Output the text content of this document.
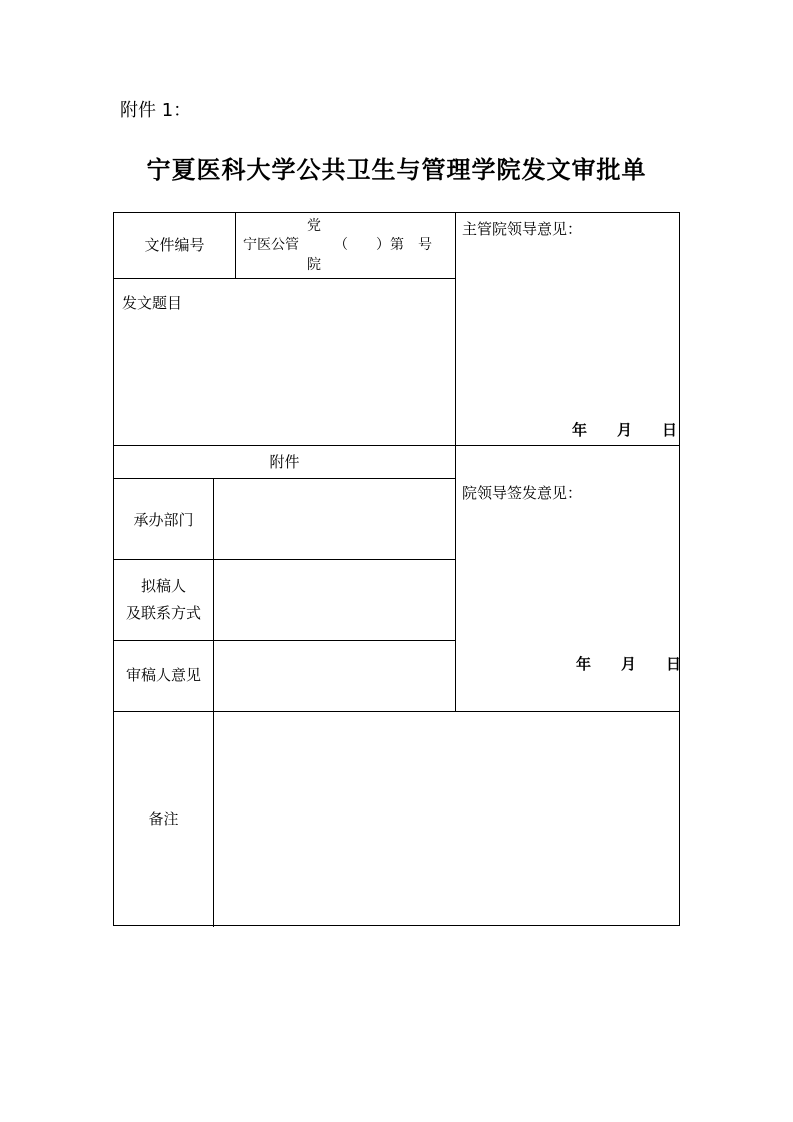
附件 1：
宁夏医科大学公共卫生与管理学院发文审批单
文件编号
党
宁医公管	（　　）第　号
院
发文题目
主管院领导意见：
年　　月　　日
附件
院领导签发意见：
年　　月　　日
承办部门
拟稿人
及联系方式
审稿人意见
备注
